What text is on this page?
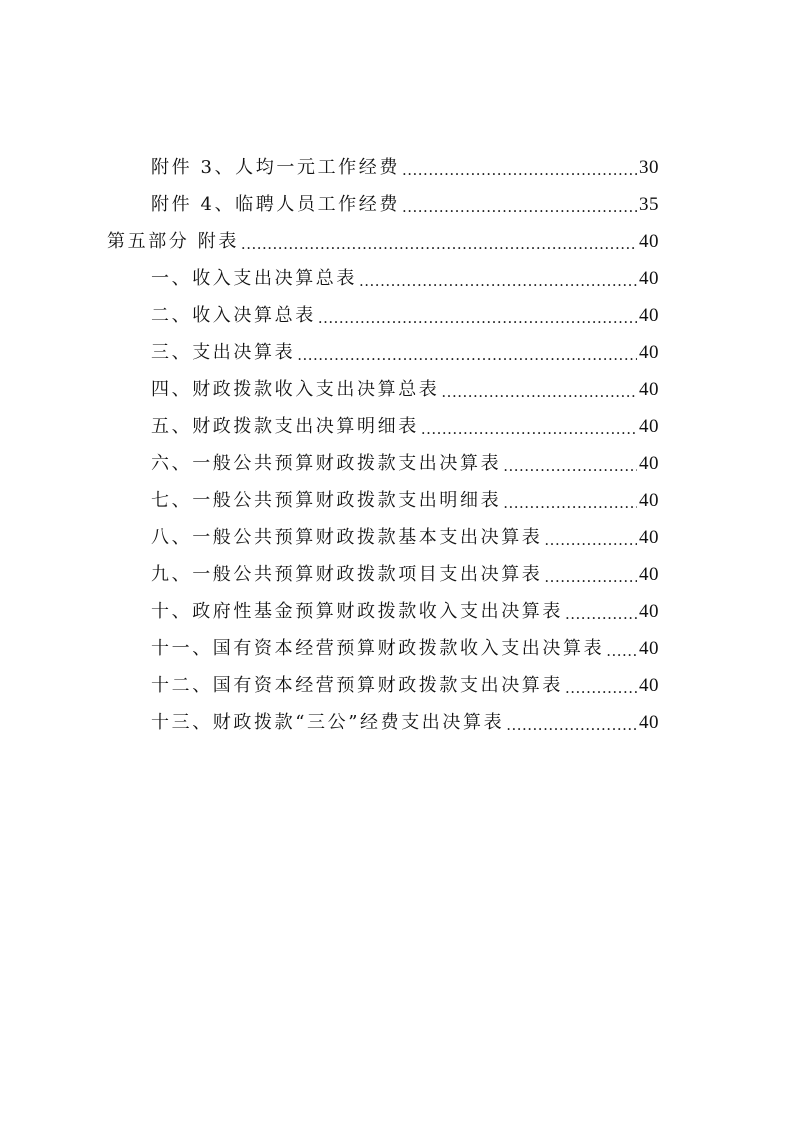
附件 3、人均一元工作经费 .....	30
附件 4、临聘人员工作经费 .....	35
第五部分 附表 .....	40
一、收入支出决算总表 .....	40
二、收入决算总表 .....	40
三、支出决算表 .....	40
四、财政拨款收入支出决算总表 .....	40
五、财政拨款支出决算明细表 .....	40
六、一般公共预算财政拨款支出决算表 .....	40
七、一般公共预算财政拨款支出明细表 .....	40
八、一般公共预算财政拨款基本支出决算表 .....	40
九、一般公共预算财政拨款项目支出决算表 .....	40
十、政府性基金预算财政拨款收入支出决算表 .....	40
十一、国有资本经营预算财政拨款收入支出决算表 ..... 40
十二、国有资本经营预算财政拨款支出决算表 .....	40
十三、财政拨款“三公”经费支出决算表 .....	40
